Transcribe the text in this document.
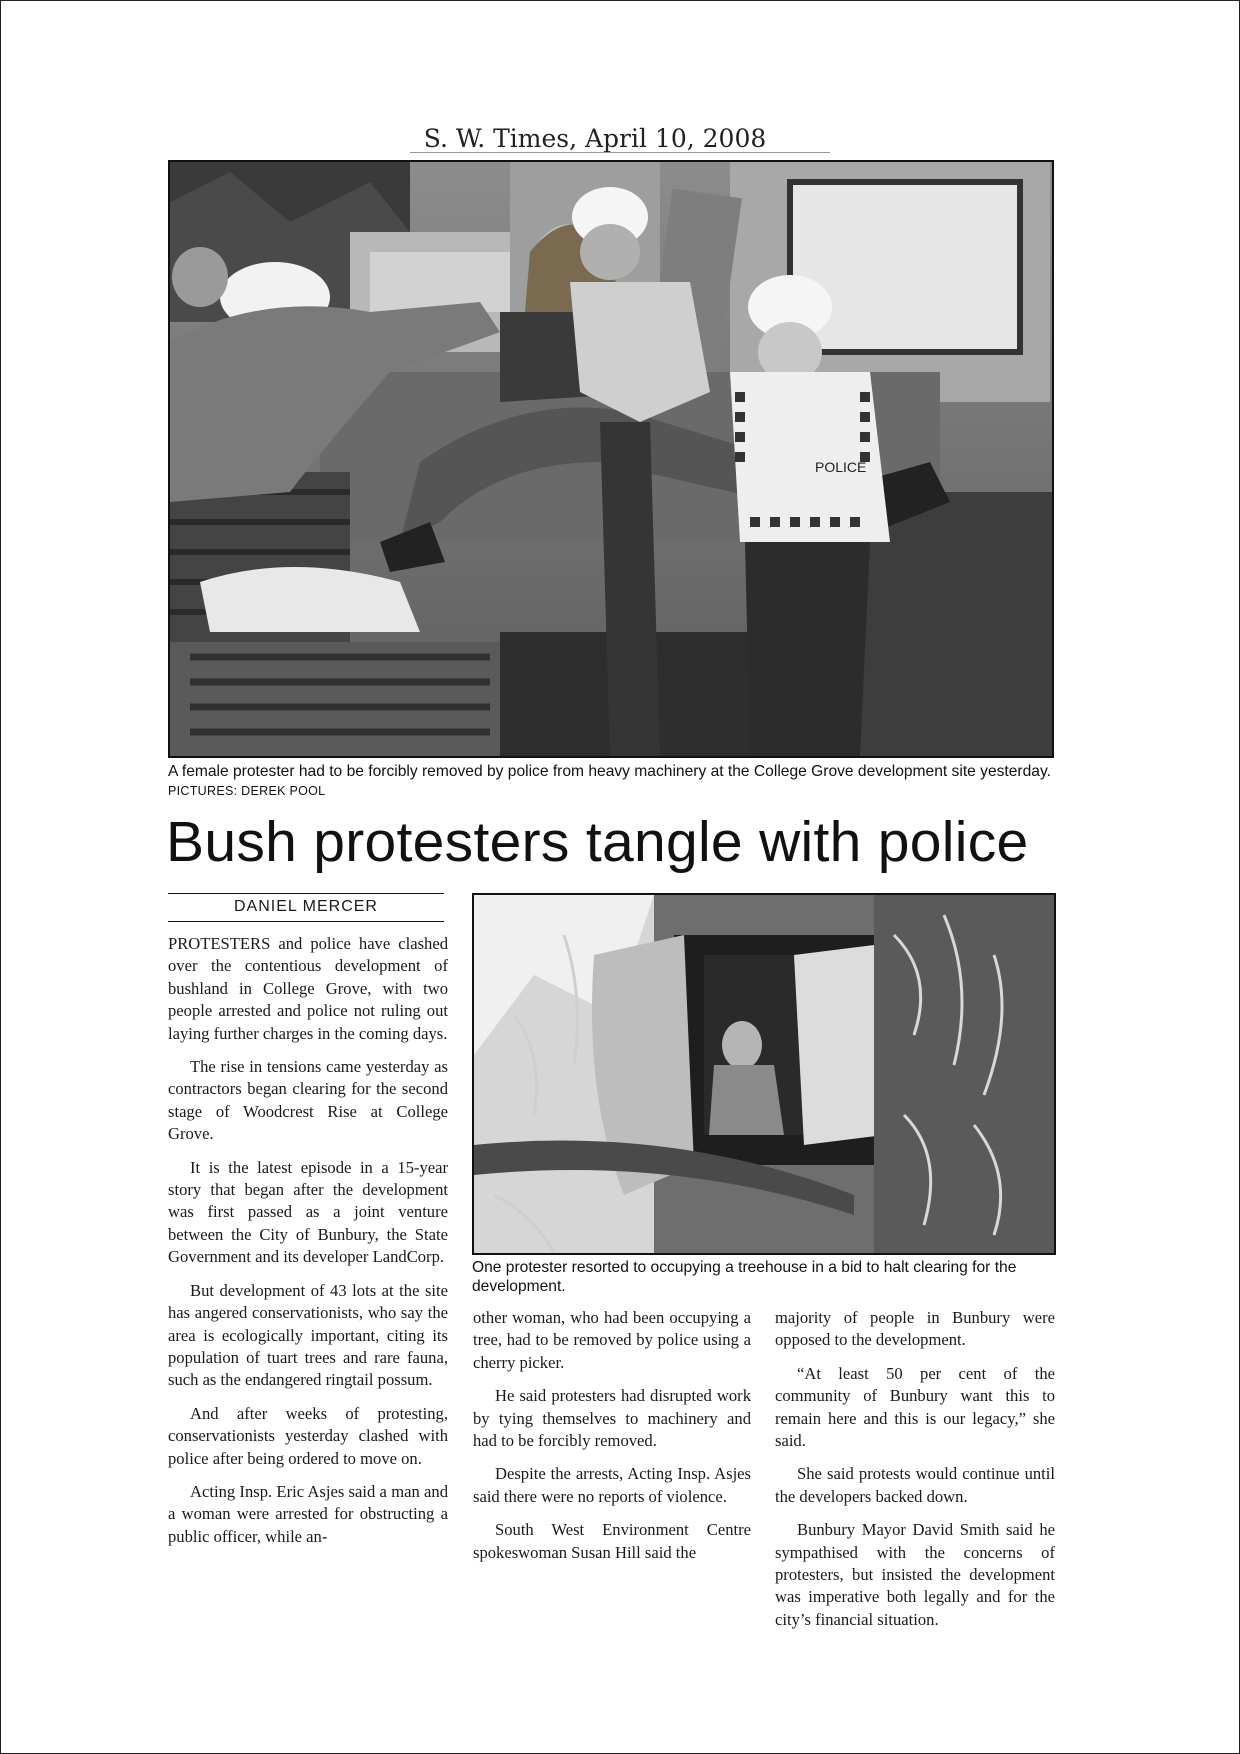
S. W. Times, April 10, 2008
POLICE
A female protester had to be forcibly removed by police from heavy machinery at the College Grove development site yesterday. PICTURES: DEREK POOL
Bush protesters tangle with police
DANIEL MERCER
One protester resorted to occupying a treehouse in a bid to halt clearing for the development.

PROTESTERS and police have clashed over the contentious development of bushland in College Grove, with two people arrested and police not ruling out laying further charges in the coming days.

The rise in tensions came yesterday as contractors began clearing for the second stage of Woodcrest Rise at College Grove.

It is the latest episode in a 15-year story that began after the development was first passed as a joint venture between the City of Bunbury, the State Government and its developer LandCorp.

But development of 43 lots at the site has angered conservationists, who say the area is ecologically important, citing its population of tuart trees and rare fauna, such as the endangered ringtail possum.

And after weeks of protesting, conservationists yesterday clashed with police after being ordered to move on.

Acting Insp. Eric Asjes said a man and a woman were arrested for obstructing a public officer, while an-

other woman, who had been occupying a tree, had to be removed by police using a cherry picker.

He said protesters had disrupted work by tying themselves to machinery and had to be forcibly removed.

Despite the arrests, Acting Insp. Asjes said there were no reports of violence.

South West Environment Centre spokeswoman Susan Hill said the

majority of people in Bunbury were opposed to the development.

“At least 50 per cent of the community of Bunbury want this to remain here and this is our legacy,” she said.

She said protests would continue until the developers backed down.

Bunbury Mayor David Smith said he sympathised with the concerns of protesters, but insisted the development was imperative both legally and for the city’s financial situation.
